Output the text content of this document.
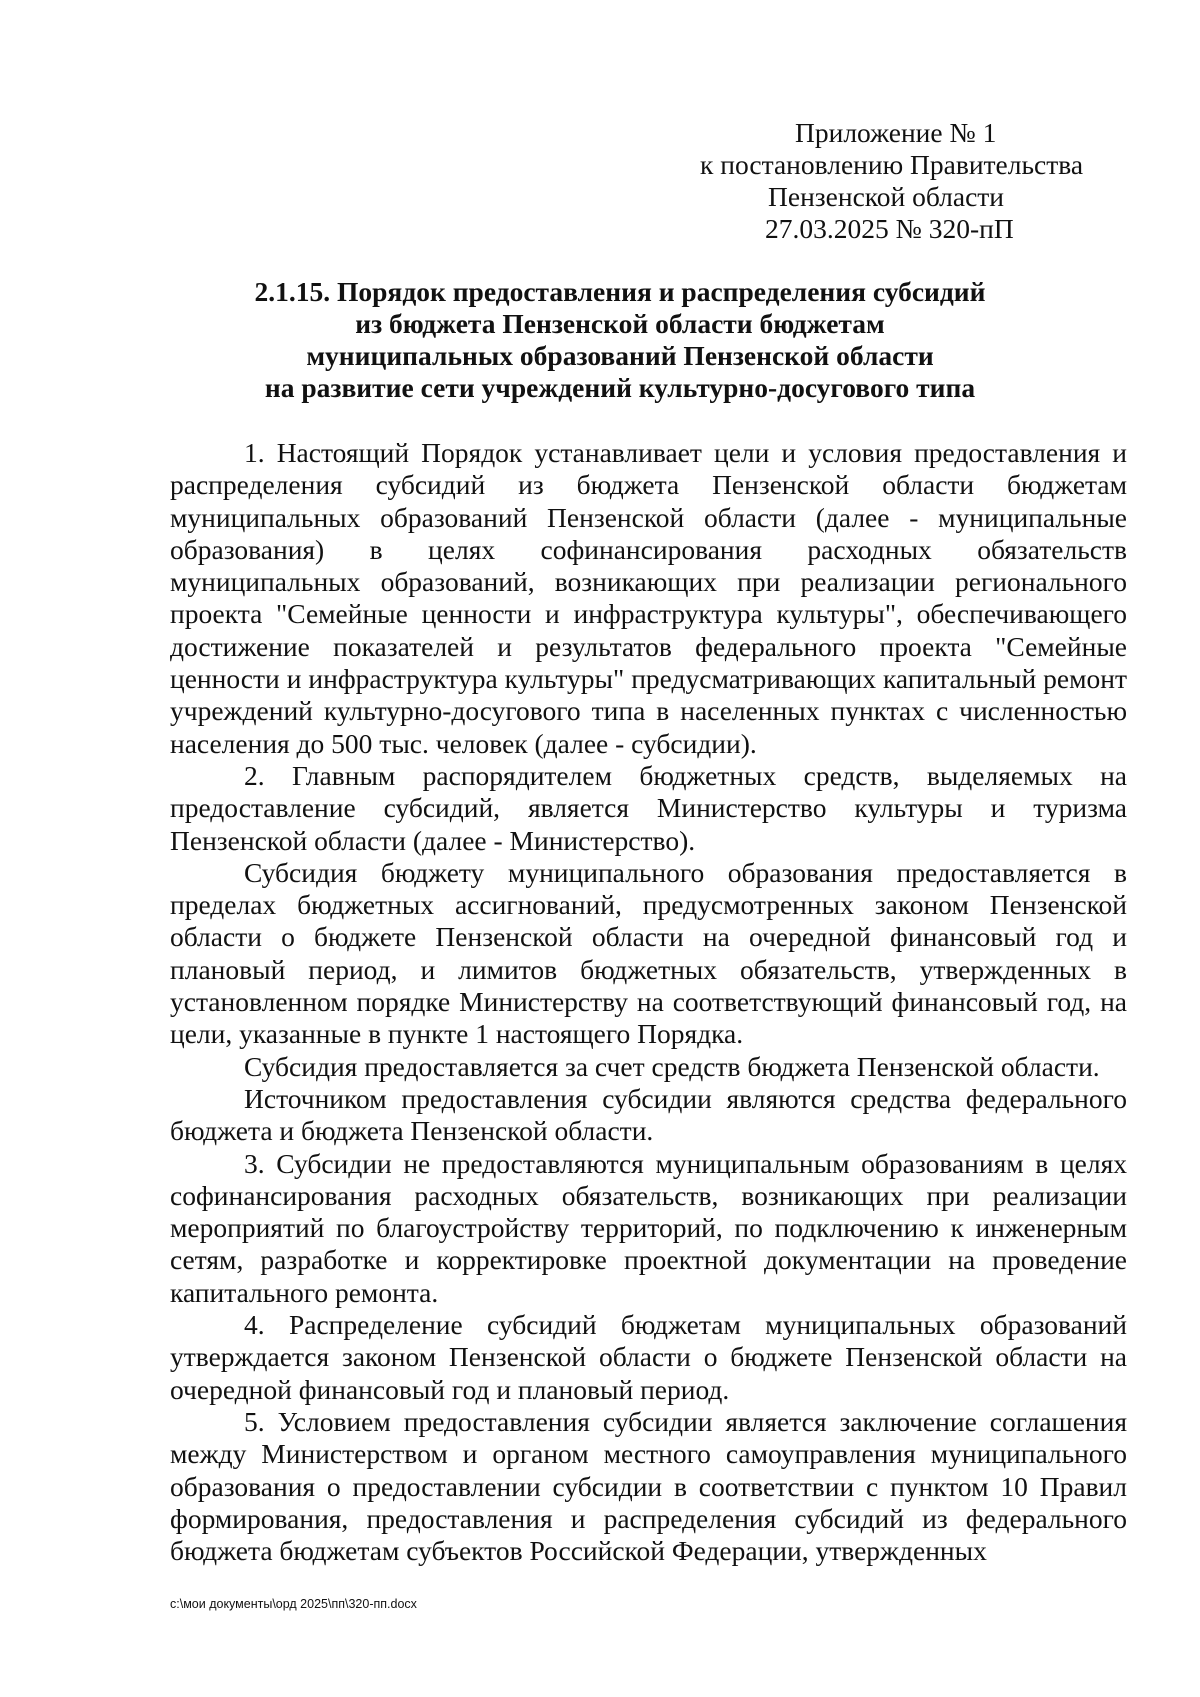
Приложение № 1
к постановлению Правительства
Пензенской области
27.03.2025 № 320-пП
2.1.15. Порядок предоставления и распределения субсидий
из бюджета Пензенской области бюджетам
муниципальных образований Пензенской области
на развитие сети учреждений культурно-досугового типа

1. Настоящий Порядок устанавливает цели и условия предоставления и распределения субсидий из бюджета Пензенской области бюджетам муниципальных образований Пензенской области (далее - муниципальные образования) в целях софинансирования расходных обязательств муниципальных образований, возникающих при реализации регионального проекта "Семейные ценности и инфраструктура культуры", обеспечивающего достижение показателей и результатов федерального проекта "Семейные ценности и инфраструктура культуры" предусматривающих капитальный ремонт учреждений культурно-досугового типа в населенных пунктах с численностью населения до 500 тыс. человек (далее - субсидии).

2. Главным распорядителем бюджетных средств, выделяемых на предоставление субсидий, является Министерство культуры и туризма Пензенской области (далее - Министерство).

Субсидия бюджету муниципального образования предоставляется в пределах бюджетных ассигнований, предусмотренных законом Пензенской области о бюджете Пензенской области на очередной финансовый год и плановый период, и лимитов бюджетных обязательств, утвержденных в установленном порядке Министерству на соответствующий финансовый год, на цели, указанные в пункте 1 настоящего Порядка.

Субсидия предоставляется за счет средств бюджета Пензенской области.

Источником предоставления субсидии являются средства федерального бюджета и бюджета Пензенской области.

3. Субсидии не предоставляются муниципальным образованиям в целях софинансирования расходных обязательств, возникающих при реализации мероприятий по благоустройству территорий, по подключению к инженерным сетям, разработке и корректировке проектной документации на проведение капитального ремонта.

4. Распределение субсидий бюджетам муниципальных образований утверждается законом Пензенской области о бюджете Пензенской области на очередной финансовый год и плановый период.

5. Условием предоставления субсидии является заключение соглашения между Министерством и органом местного самоуправления муниципального образования о предоставлении субсидии в соответствии с пунктом 10 Правил формирования, предоставления и распределения субсидий из федерального бюджета бюджетам субъектов Российской Федерации, утвержденных

c:\мои документы\орд 2025\пп\320-пп.docx
